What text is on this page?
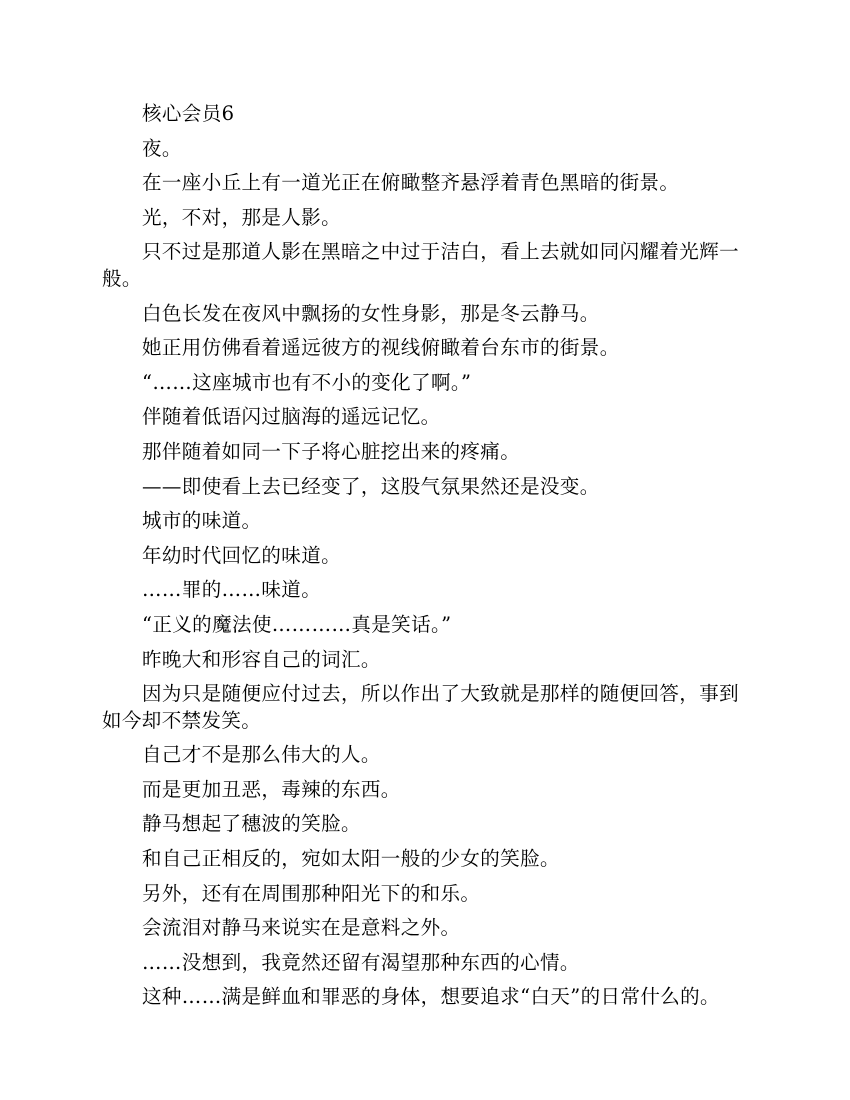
核心会员6

夜。

在一座小丘上有一道光正在俯瞰整齐悬浮着青色黑暗的街景。

光，不对，那是人影。

只不过是那道人影在黑暗之中过于洁白，看上去就如同闪耀着光辉一般。

白色长发在夜风中飘扬的女性身影，那是冬云静马。

她正用仿佛看着遥远彼方的视线俯瞰着台东市的街景。

“……这座城市也有不小的变化了啊。”

伴随着低语闪过脑海的遥远记忆。

那伴随着如同一下子将心脏挖出来的疼痛。

——即使看上去已经变了，这股气氛果然还是没变。

城市的味道。

年幼时代回忆的味道。

……罪的……味道。

“正义的魔法使…………真是笑话。”

昨晚大和形容自己的词汇。

因为只是随便应付过去，所以作出了大致就是那样的随便回答，事到如今却不禁发笑。

自己才不是那么伟大的人。

而是更加丑恶，毒辣的东西。

静马想起了穗波的笑脸。

和自己正相反的，宛如太阳一般的少女的笑脸。

另外，还有在周围那种阳光下的和乐。

会流泪对静马来说实在是意料之外。

……没想到，我竟然还留有渴望那种东西的心情。

这种……满是鲜血和罪恶的身体，想要追求“白天”的日常什么的。
